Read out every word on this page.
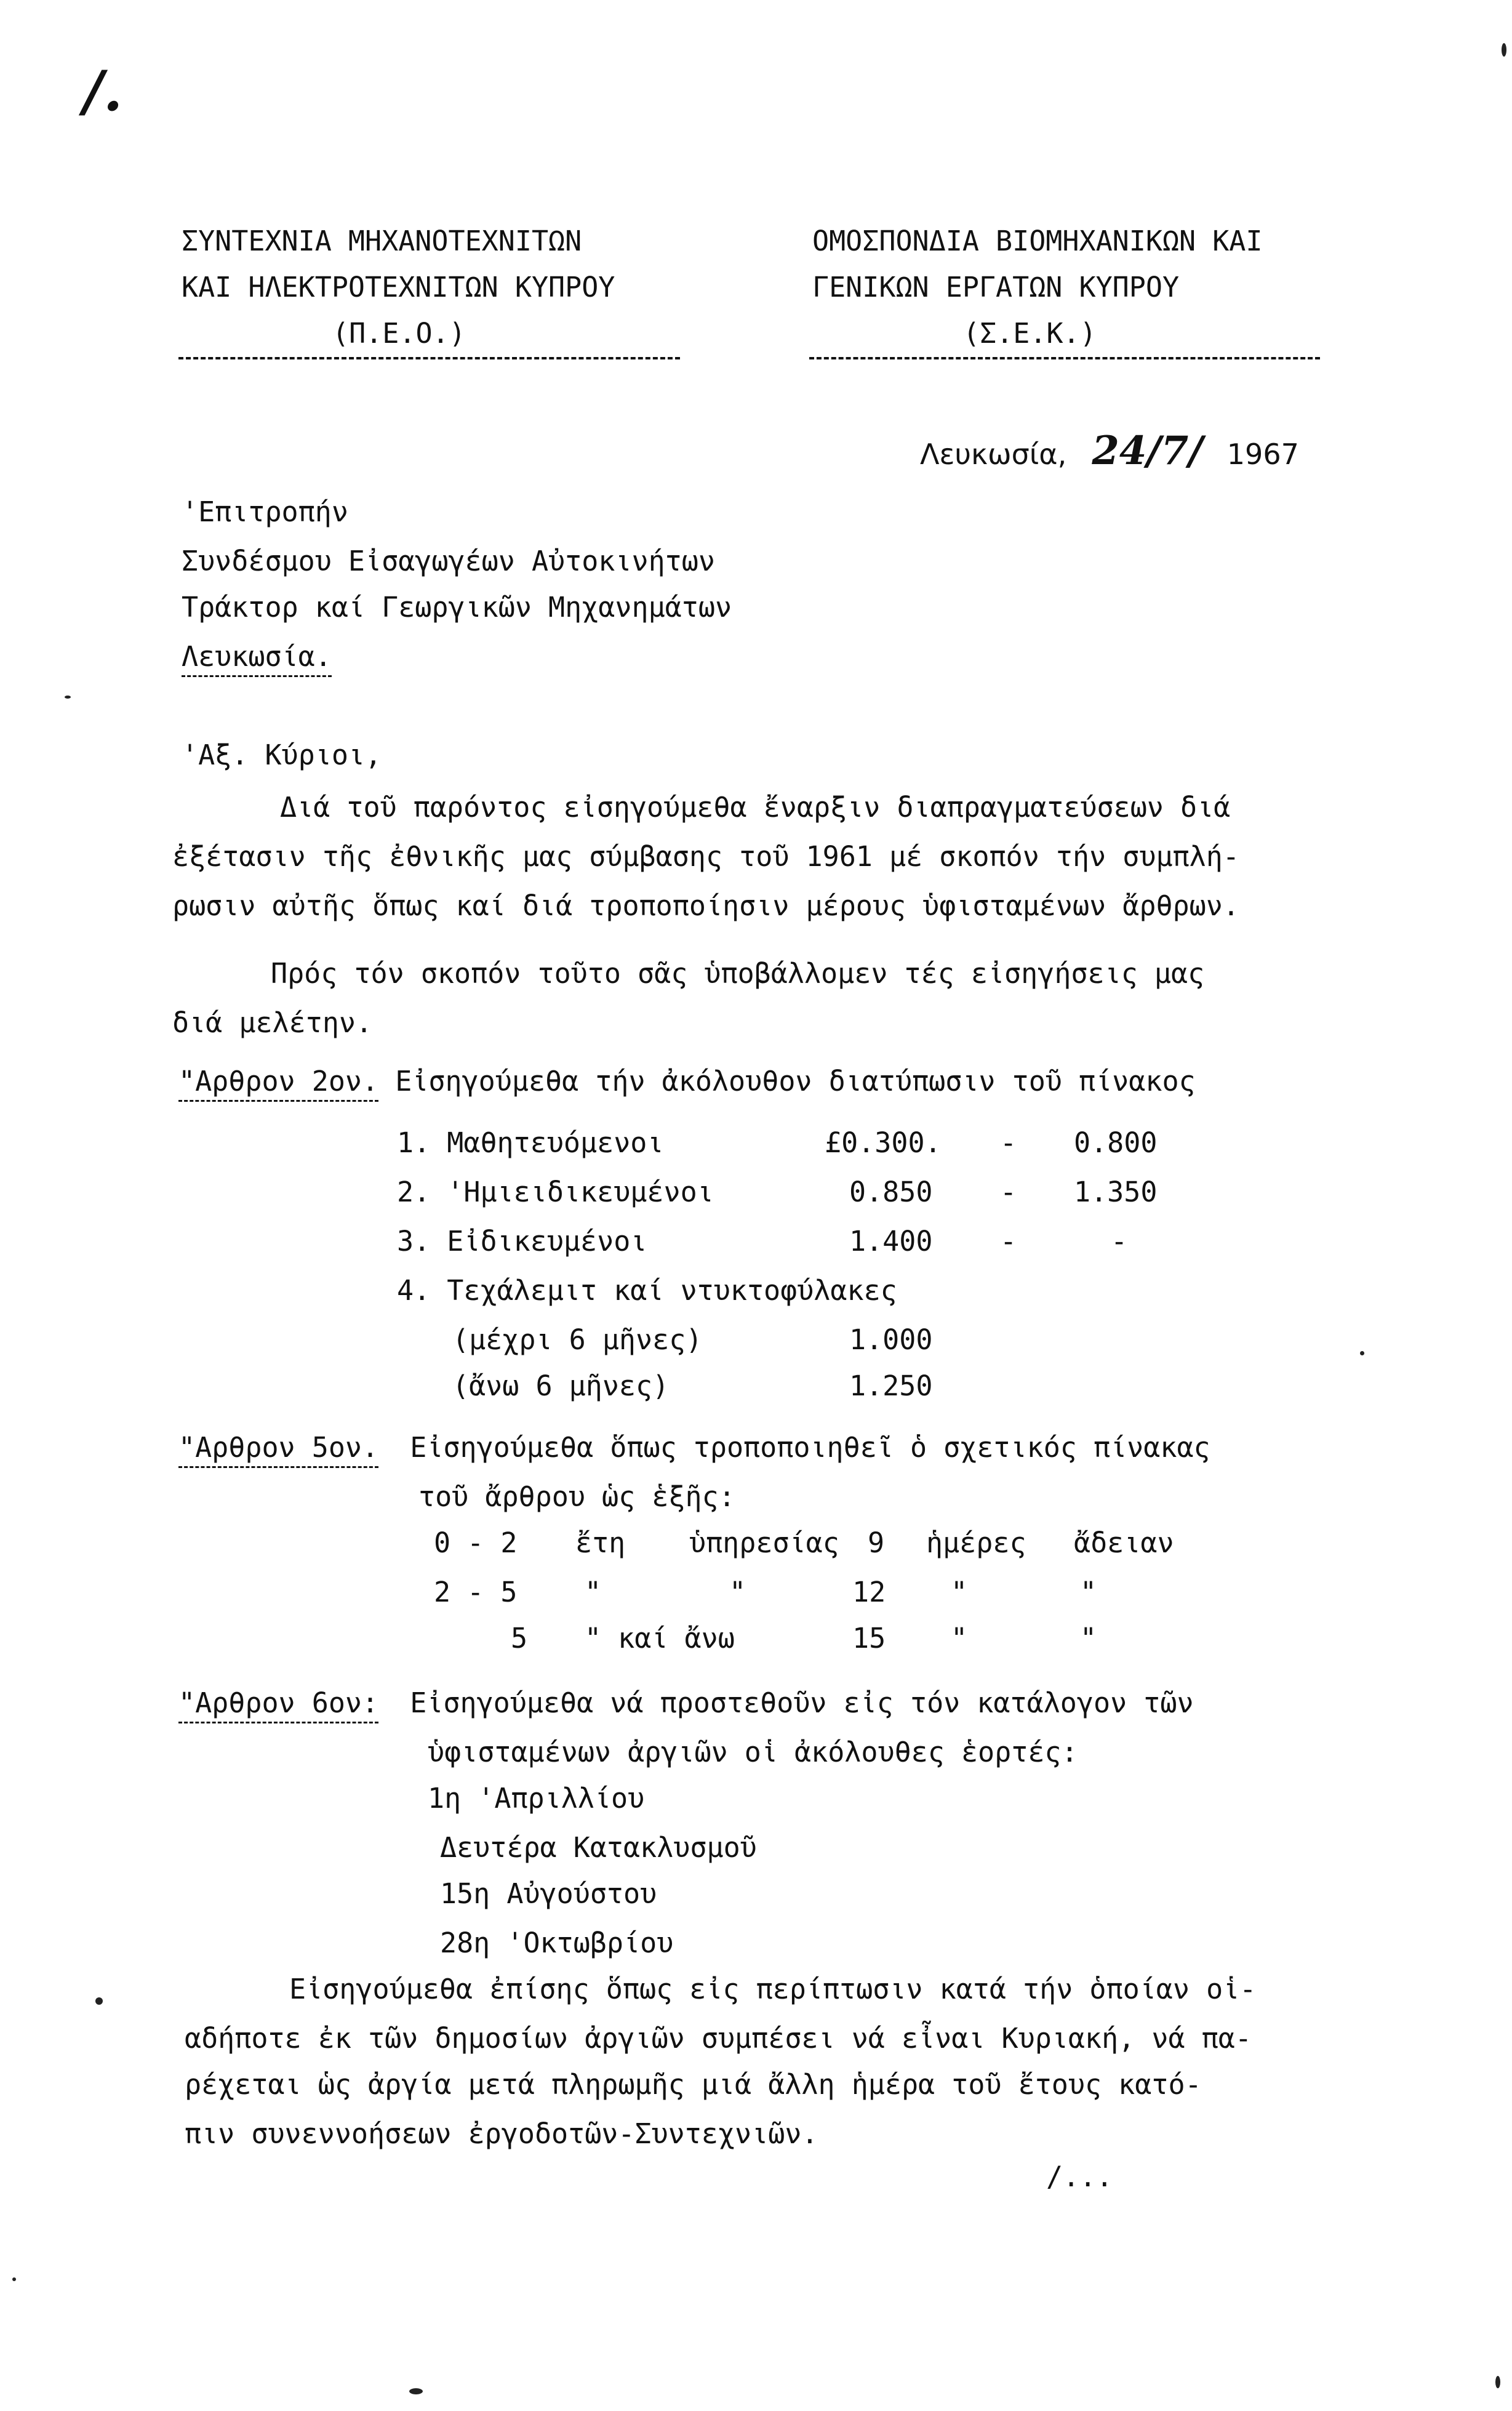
/.
ΣΥΝΤΕΧΝΙΑ ΜΗΧΑΝΟΤΕΧΝΙΤΩΝ
ΚΑΙ ΗΛΕΚΤΡΟΤΕΧΝΙΤΩΝ ΚΥΠΡΟΥ
(Π.Ε.Ο.)
ΟΜΟΣΠΟΝΔΙΑ ΒΙΟΜΗΧΑΝΙΚΩΝ ΚΑΙ
ΓΕΝΙΚΩΝ ΕΡΓΑΤΩΝ ΚΥΠΡΟΥ
(Σ.Ε.Κ.)
Λευκωσία, 24/7/ 1967
'Επιτροπήν
Συνδέσμου Εἰσαγωγέων Αὐτοκινήτων
Τράκτορ καί Γεωργικῶν Μηχανημάτων
Λευκωσία.
'Αξ. Κύριοι,
Διά τοῦ παρόντος εἰσηγούμεθα ἔναρξιν διαπραγματεύσεων διά
ἐξέτασιν τῆς ἐθνικῆς μας σύμβασης τοῦ 1961 μέ σκοπόν τήν συμπλή-
ρωσιν αὐτῆς ὅπως καί διά τροποποίησιν μέρους ὑφισταμένων ἄρθρων.
Πρός τόν σκοπόν τοῦτο σᾶς ὑποβάλλομεν τές εἰσηγήσεις μας
διά μελέτην.
"Αρθρον 2ον. Εἰσηγούμεθα τήν ἀκόλουθον διατύπωσιν τοῦ πίνακος
1. Μαθητευόμενοι	£0.300. - 0.800
2. 'Ημιειδικευμένοι	0.850 - 1.350
3. Εἰδικευμένοι	1.400 -	-
4. Τεχάλεμιτ καί ντυκτοφύλακες
(μέχρι 6 μῆνες)	1.000
(ἄνω 6 μῆνες)	1.250
"Αρθρον 5ον. Εἰσηγούμεθα ὅπως τροποποιηθεῖ ὁ σχετικός πίνακας
τοῦ ἄρθρου ὡς ἑξῆς:
0 - 2 ἔτη ὑπηρεσίας 9 ἡμέρες ἄδειαν
2 - 5 "	"	12 "	"
5 " καί ἄνω	15 "	"
"Αρθρον 6ον: Εἰσηγούμεθα νά προστεθοῦν εἰς τόν κατάλογον τῶν
ὑφισταμένων ἀργιῶν οἱ ἀκόλουθες ἑορτές:
1η 'Απριλλίου
Δευτέρα Κατακλυσμοῦ
15η Αὐγούστου
28η 'Οκτωβρίου
Εἰσηγούμεθα ἐπίσης ὅπως εἰς περίπτωσιν κατά τήν ὁποίαν οἱ-
αδήποτε ἐκ τῶν δημοσίων ἀργιῶν συμπέσει νά εἶναι Κυριακή, νά πα-
ρέχεται ὡς ἀργία μετά πληρωμῆς μιά ἄλλη ἡμέρα τοῦ ἔτους κατό-
πιν συνεννοήσεων ἐργοδοτῶν-Συντεχνιῶν.
/...
